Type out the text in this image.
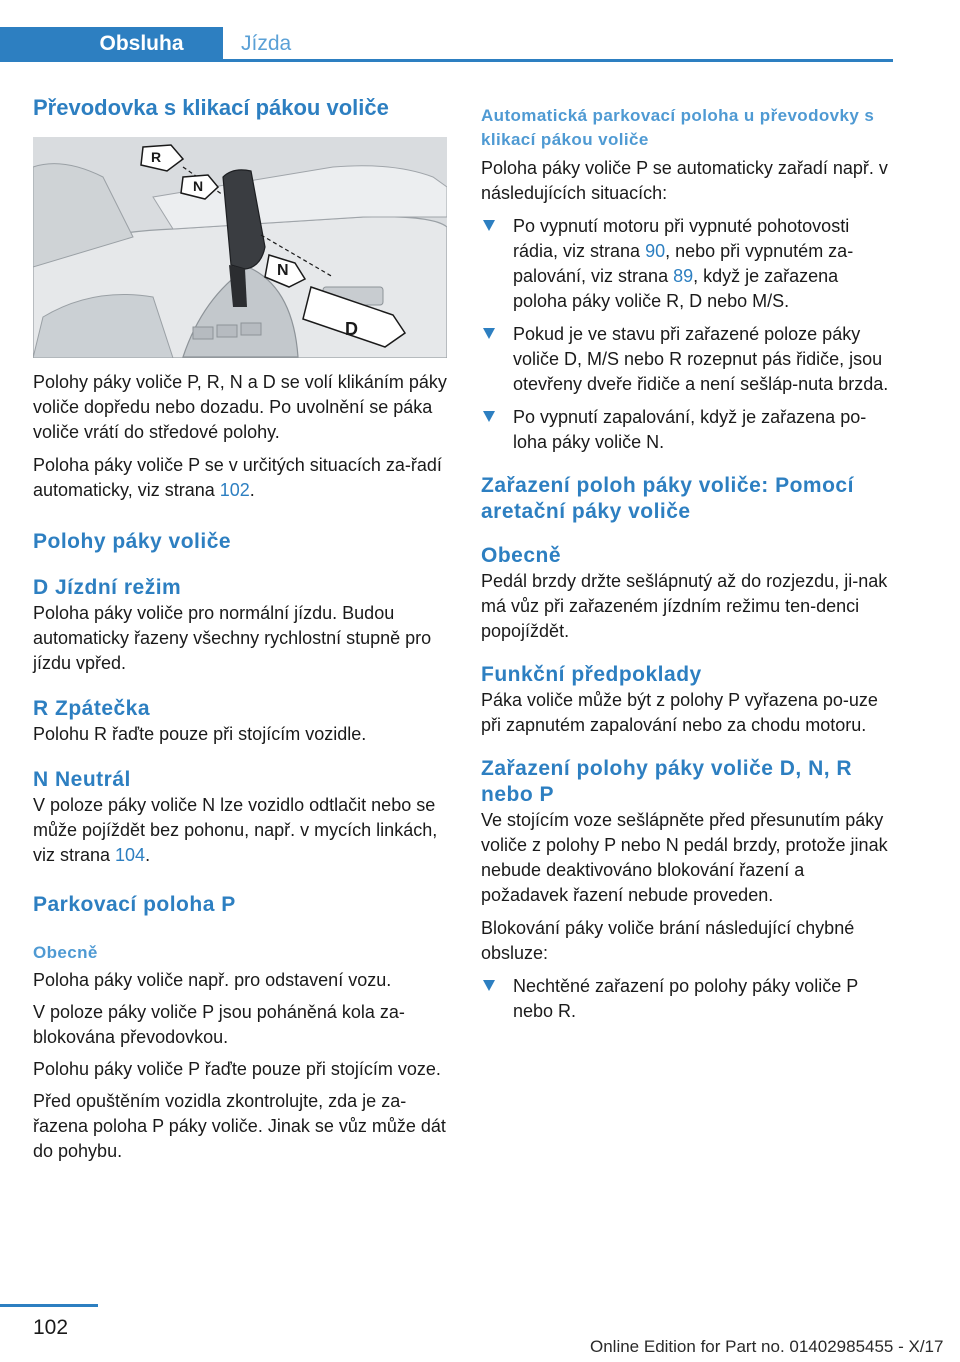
Obsluha	Jízda
Převodovka s klikací pákou voliče
R
N
N
D

Polohy páky voliče P, R, N a D se volí klikáním páky voliče dopředu nebo dozadu. Po uvolnění se páka voliče vrátí do středové polohy.

Poloha páky voliče P se v určitých situacích za‐řadí automaticky, viz strana 102.

Polohy páky voliče
D Jízdní režim

Poloha páky voliče pro normální jízdu. Budou automaticky řazeny všechny rychlostní stupně pro jízdu vpřed.

R Zpátečka

Polohu R řaďte pouze při stojícím vozidle.

N Neutrál

V poloze páky voliče N lze vozidlo odtlačit nebo se může pojíždět bez pohonu, např. v mycích linkách, viz strana 104.

Parkovací poloha P
Obecně

Poloha páky voliče např. pro odstavení vozu.

V poloze páky voliče P jsou poháněná kola za‐blokována převodovkou.

Polohu páky voliče P řaďte pouze při stojícím voze.

Před opuštěním vozidla zkontrolujte, zda je za‐řazena poloha P páky voliče. Jinak se vůz může dát do pohybu.

Automatická parkovací poloha u převodovky s klikací pákou voliče

Poloha páky voliče P se automaticky zařadí např. v následujících situacích:

Po vypnutí motoru při vypnuté pohotovosti rádia, viz strana 90, nebo při vypnutém za‐palování, viz strana 89, když je zařazena poloha páky voliče R, D nebo M/S.
Pokud je ve stavu při zařazené poloze páky voliče D, M/S nebo R rozepnut pás řidiče, jsou otevřeny dveře řidiče a není sešláp‐nuta brzda.
Po vypnutí zapalování, když je zařazena po‐loha páky voliče N.
Zařazení poloh páky voliče: Pomocí aretační páky voliče
Obecně

Pedál brzdy držte sešlápnutý až do rozjezdu, ji‐nak má vůz při zařazeném jízdním režimu ten‐denci popojíždět.

Funkční předpoklady

Páka voliče může být z polohy P vyřazena po‐uze při zapnutém zapalování nebo za chodu motoru.

Zařazení polohy páky voliče D, N, R nebo P

Ve stojícím voze sešlápněte před přesunutím páky voliče z polohy P nebo N pedál brzdy, protože jinak nebude deaktivováno blokování řazení a požadavek řazení nebude proveden.

Blokování páky voliče brání následující chybné obsluze:

Nechtěné zařazení po polohy páky voliče P nebo R.
102
Online Edition for Part no. 01402985455 - X/17
